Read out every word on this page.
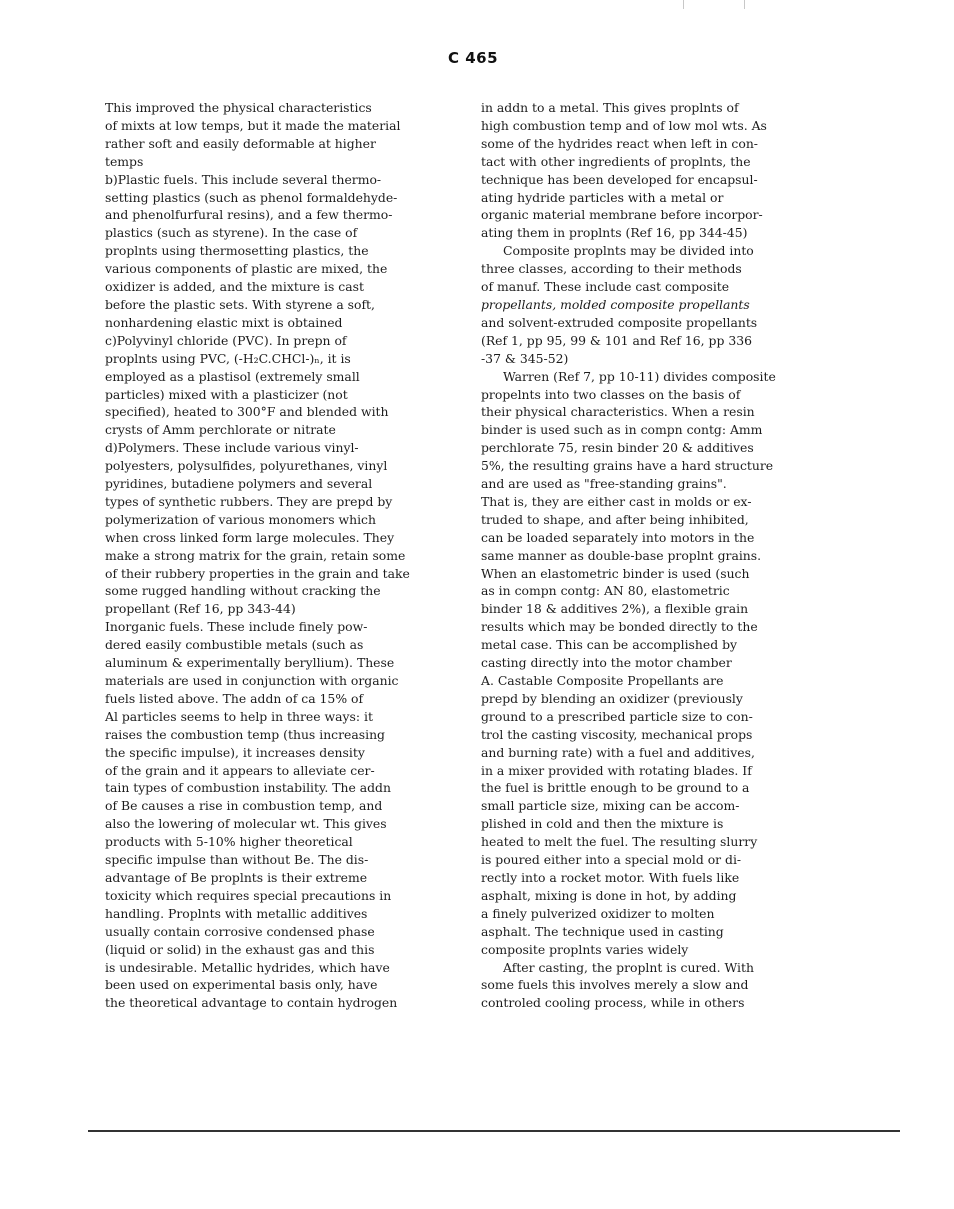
C 465
This improved the physical characteristics
of mixts at low temps, but it made the material
rather soft and easily deformable at higher
temps
b)Plastic fuels. This include several thermo-
setting plastics (such as phenol formaldehyde-
and phenolfurfural resins), and a few thermo-
plastics (such as styrene). In the case of
proplnts using thermosetting plastics, the
various components of plastic are mixed, the
oxidizer is added, and the mixture is cast
before the plastic sets. With styrene a soft,
nonhardening elastic mixt is obtained
c)Polyvinyl chloride (PVC). In prepn of
proplnts using PVC, (-H₂C.CHCl-)ₙ, it is
employed as a plastisol (extremely small
particles) mixed with a plasticizer (not
specified), heated to 300°F and blended with
crysts of Amm perchlorate or nitrate
d)Polymers. These include various vinyl-
polyesters, polysulfides, polyurethanes, vinyl
pyridines, butadiene polymers and several
types of synthetic rubbers. They are prepd by
polymerization of various monomers which
when cross linked form large molecules. They
make a strong matrix for the grain, retain some
of their rubbery properties in the grain and take
some rugged handling without cracking the
propellant (Ref 16, pp 343-44)
Inorganic fuels. These include finely pow-
dered easily combustible metals (such as
aluminum & experimentally beryllium). These
materials are used in conjunction with organic
fuels listed above. The addn of ca 15% of
Al particles seems to help in three ways: it
raises the combustion temp (thus increasing
the specific impulse), it increases density
of the grain and it appears to alleviate cer-
tain types of combustion instability. The addn
of Be causes a rise in combustion temp, and
also the lowering of molecular wt. This gives
products with 5-10% higher theoretical
specific impulse than without Be. The dis-
advantage of Be proplnts is their extreme
toxicity which requires special precautions in
handling. Proplnts with metallic additives
usually contain corrosive condensed phase
(liquid or solid) in the exhaust gas and this
is undesirable. Metallic hydrides, which have
been used on experimental basis only, have
the theoretical advantage to contain hydrogen
in addn to a metal. This gives proplnts of
high combustion temp and of low mol wts. As
some of the hydrides react when left in con-
tact with other ingredients of proplnts, the
technique has been developed for encapsul-
ating hydride particles with a metal or
organic material membrane before incorpor-
ating them in proplnts (Ref 16, pp 344-45)
Composite proplnts may be divided into
three classes, according to their methods
of manuf. These include cast composite
propellants, molded composite propellants
and solvent-extruded composite propellants
(Ref 1, pp 95, 99 & 101 and Ref 16, pp 336
-37 & 345-52)
Warren (Ref 7, pp 10-11) divides composite
propelnts into two classes on the basis of
their physical characteristics. When a resin
binder is used such as in compn contg: Amm
perchlorate 75, resin binder 20 & additives
5%, the resulting grains have a hard structure
and are used as "free-standing grains".
That is, they are either cast in molds or ex-
truded to shape, and after being inhibited,
can be loaded separately into motors in the
same manner as double-base proplnt grains.
When an elastometric binder is used (such
as in compn contg: AN 80, elastometric
binder 18 & additives 2%), a flexible grain
results which may be bonded directly to the
metal case. This can be accomplished by
casting directly into the motor chamber
A. Castable Composite Propellants are
prepd by blending an oxidizer (previously
ground to a prescribed particle size to con-
trol the casting viscosity, mechanical props
and burning rate) with a fuel and additives,
in a mixer provided with rotating blades. If
the fuel is brittle enough to be ground to a
small particle size, mixing can be accom-
plished in cold and then the mixture is
heated to melt the fuel. The resulting slurry
is poured either into a special mold or di-
rectly into a rocket motor. With fuels like
asphalt, mixing is done in hot, by adding
a finely pulverized oxidizer to molten
asphalt. The technique used in casting
composite proplnts varies widely
After casting, the proplnt is cured. With
some fuels this involves merely a slow and
controled cooling process, while in others
